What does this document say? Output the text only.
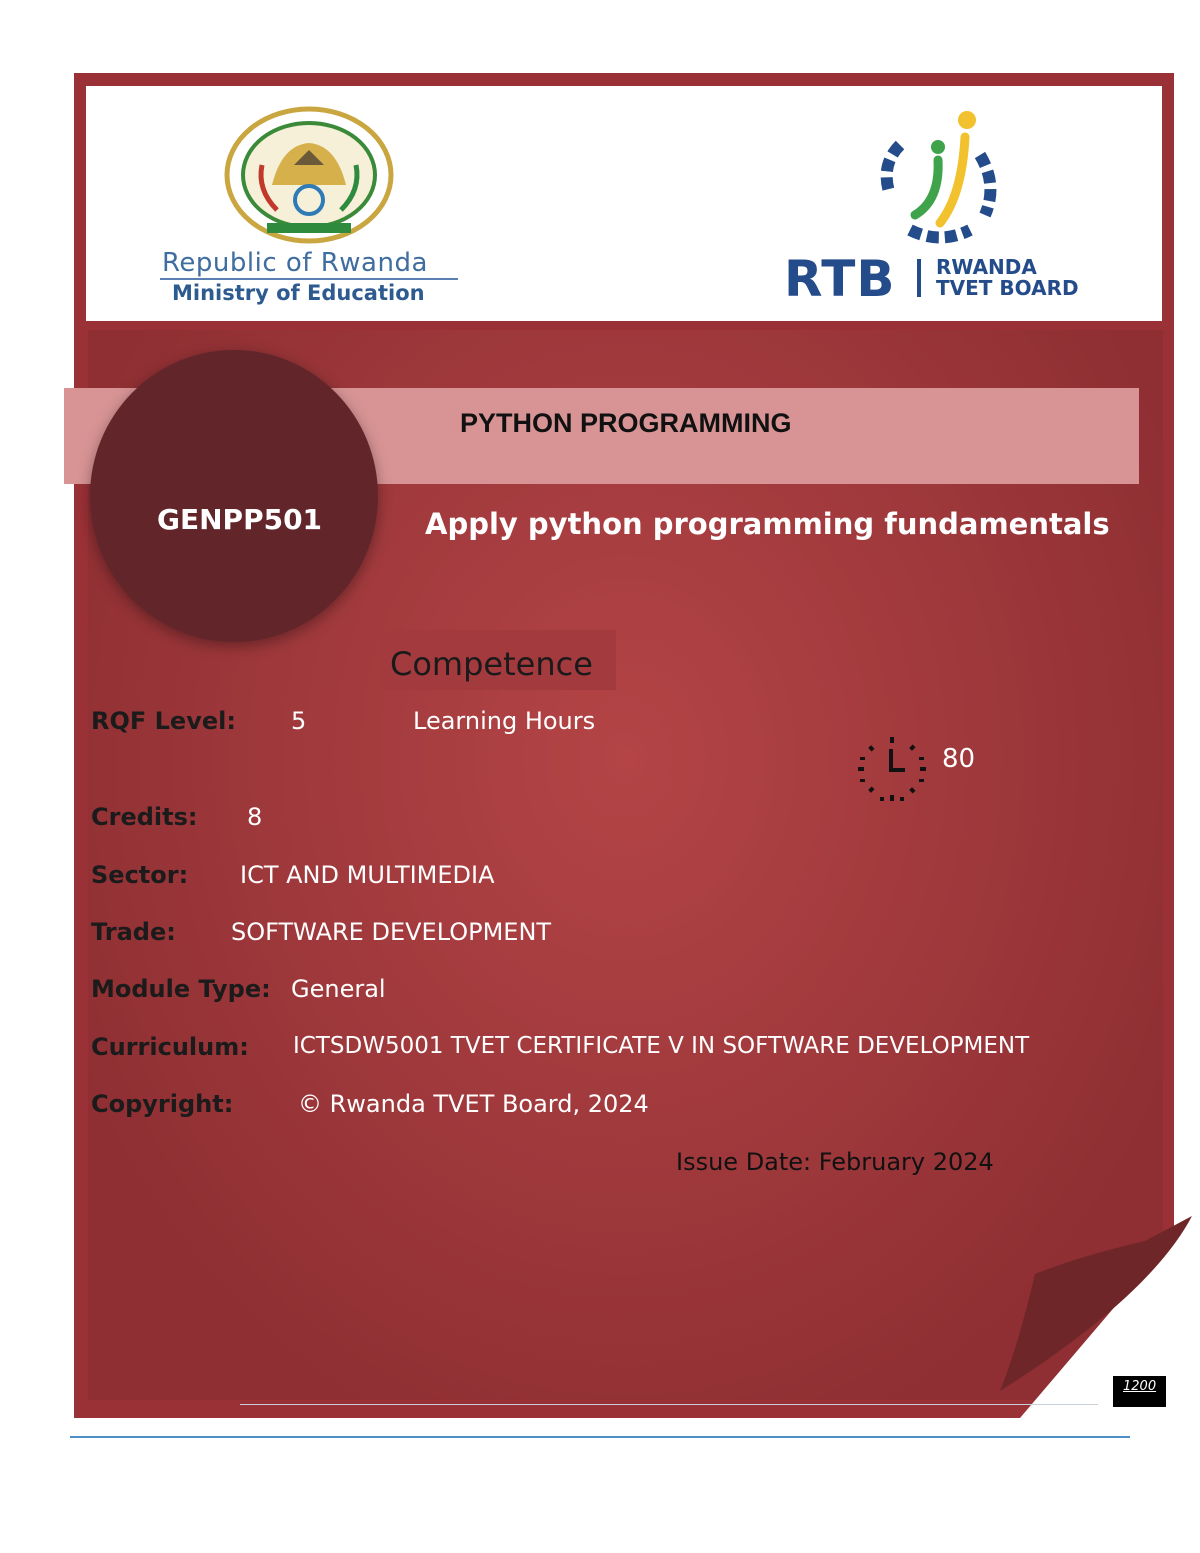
Republic of Rwanda
Ministry of Education	RTB RWANDA
TVET BOARD
PYTHON PROGRAMMING
GENPP501	Apply python programming fundamentals
Competence
RQF Level: 5	Learning Hours
80
Credits: 8
Sector: ICT AND MULTIMEDIA
Trade: SOFTWARE DEVELOPMENT
Module Type: General
Curriculum: ICTSDW5001 TVET CERTIFICATE V IN SOFTWARE DEVELOPMENT
Copyright:	© Rwanda TVET Board, 2024
Issue Date: February 2024
1200
